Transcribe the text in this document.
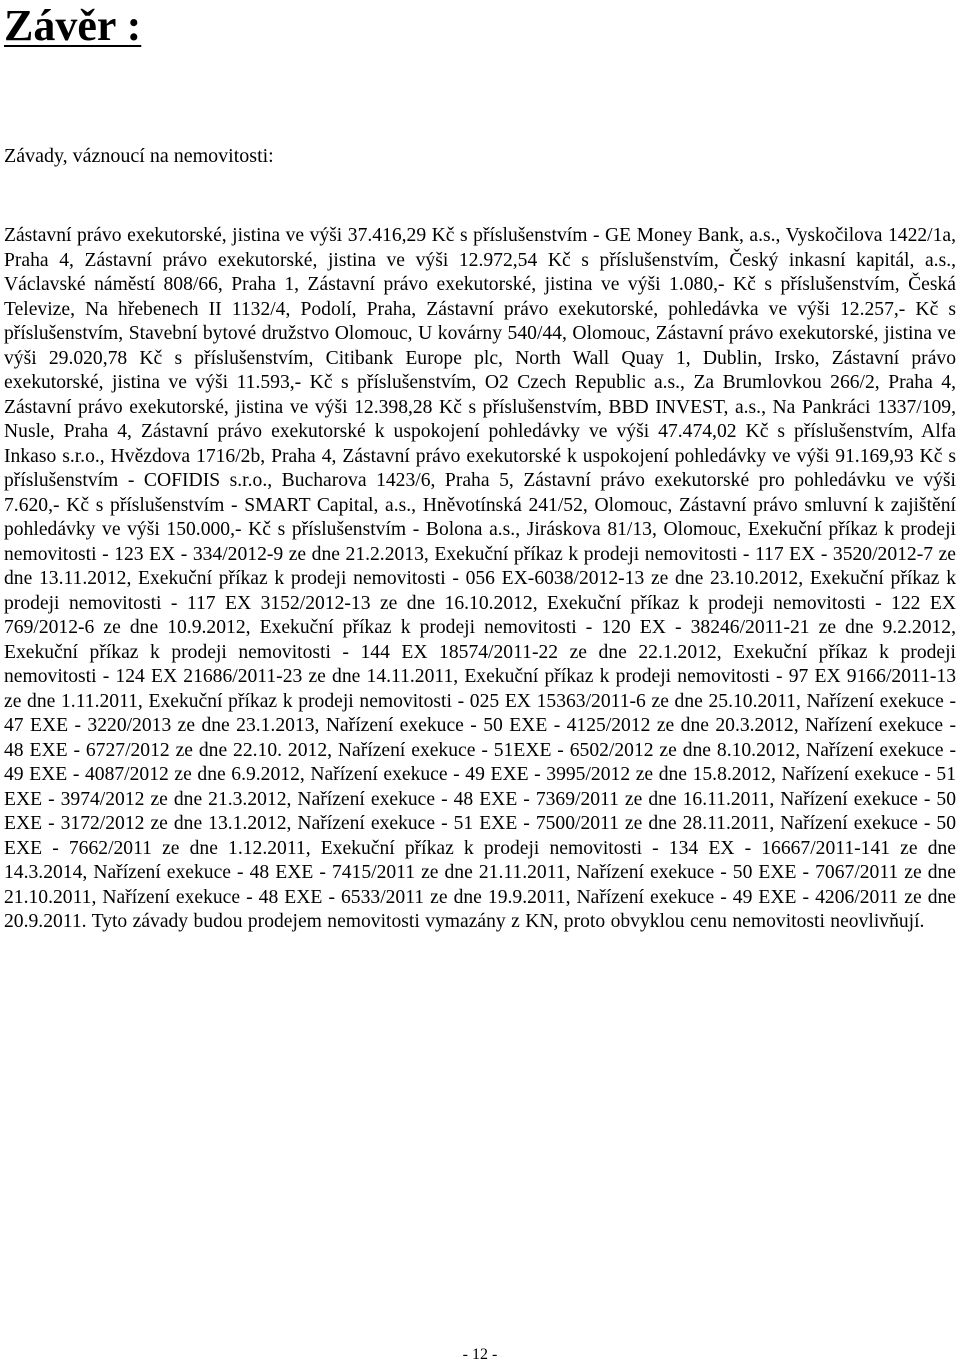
Závěr :

Závady, váznoucí na nemovitosti:

Zástavní právo exekutorské, jistina ve výši 37.416,29 Kč s příslušenstvím - GE Money Bank, a.s., Vyskočilova 1422/1a, Praha 4, Zástavní právo exekutorské, jistina ve výši 12.972,54 Kč s příslušenstvím, Český inkasní kapitál, a.s., Václavské náměstí 808/66, Praha 1, Zástavní právo exekutorské, jistina ve výši 1.080,- Kč s příslušenstvím, Česká Televize, Na hřebenech II 1132/4, Podolí, Praha, Zástavní právo exekutorské, pohledávka ve výši 12.257,- Kč s příslušenstvím, Stavební bytové družstvo Olomouc, U kovárny 540/44, Olomouc, Zástavní právo exekutorské, jistina ve výši 29.020,78 Kč s příslušenstvím, Citibank Europe plc, North Wall Quay 1, Dublin, Irsko, Zástavní právo exekutorské, jistina ve výši 11.593,- Kč s příslušenstvím, O2 Czech Republic a.s., Za Brumlovkou 266/2, Praha 4, Zástavní právo exekutorské, jistina ve výši 12.398,28 Kč s příslušenstvím, BBD INVEST, a.s., Na Pankráci 1337/109, Nusle, Praha 4, Zástavní právo exekutorské k uspokojení pohledávky ve výši 47.474,02 Kč s příslušenstvím, Alfa Inkaso s.r.o., Hvězdova 1716/2b, Praha 4, Zástavní právo exekutorské k uspokojení pohledávky ve výši 91.169,93 Kč s příslušenstvím - COFIDIS s.r.o., Bucharova 1423/6, Praha 5, Zástavní právo exekutorské pro pohledávku ve výši 7.620,- Kč s příslušenstvím - SMART Capital, a.s., Hněvotínská 241/52, Olomouc, Zástavní právo smluvní k zajištění pohledávky ve výši 150.000,- Kč s příslušenstvím - Bolona a.s., Jiráskova 81/13, Olomouc, Exekuční příkaz k prodeji nemovitosti - 123 EX - 334/2012-9 ze dne 21.2.2013, Exekuční příkaz k prodeji nemovitosti - 117 EX - 3520/2012-7 ze dne 13.11.2012, Exekuční příkaz k prodeji nemovitosti - 056 EX-6038/2012-13 ze dne 23.10.2012, Exekuční příkaz k prodeji nemovitosti - 117 EX 3152/2012-13 ze dne 16.10.2012, Exekuční příkaz k prodeji nemovitosti - 122 EX 769/2012-6 ze dne 10.9.2012, Exekuční příkaz k prodeji nemovitosti - 120 EX - 38246/2011-21 ze dne 9.2.2012, Exekuční příkaz k prodeji nemovitosti - 144 EX 18574/2011-22 ze dne 22.1.2012, Exekuční příkaz k prodeji nemovitosti - 124 EX 21686/2011-23 ze dne 14.11.2011, Exekuční příkaz k prodeji nemovitosti - 97 EX 9166/2011-13 ze dne 1.11.2011, Exekuční příkaz k prodeji nemovitosti - 025 EX 15363/2011-6 ze dne 25.10.2011, Nařízení exekuce - 47 EXE - 3220/2013 ze dne 23.1.2013, Nařízení exekuce - 50 EXE - 4125/2012 ze dne 20.3.2012, Nařízení exekuce - 48 EXE - 6727/2012 ze dne 22.10. 2012, Nařízení exekuce - 51EXE - 6502/2012 ze dne 8.10.2012, Nařízení exekuce - 49 EXE - 4087/2012 ze dne 6.9.2012, Nařízení exekuce - 49 EXE - 3995/2012 ze dne 15.8.2012, Nařízení exekuce - 51 EXE - 3974/2012 ze dne 21.3.2012, Nařízení exekuce - 48 EXE - 7369/2011 ze dne 16.11.2011, Nařízení exekuce - 50 EXE - 3172/2012 ze dne 13.1.2012, Nařízení exekuce - 51 EXE - 7500/2011 ze dne 28.11.2011, Nařízení exekuce - 50 EXE - 7662/2011 ze dne 1.12.2011, Exekuční příkaz k prodeji nemovitosti - 134 EX - 16667/2011-141 ze dne 14.3.2014, Nařízení exekuce - 48 EXE - 7415/2011 ze dne 21.11.2011, Nařízení exekuce - 50 EXE - 7067/2011 ze dne 21.10.2011, Nařízení exekuce - 48 EXE - 6533/2011 ze dne 19.9.2011, Nařízení exekuce - 49 EXE - 4206/2011 ze dne 20.9.2011. Tyto závady budou prodejem nemovitosti vymazány z KN, proto obvyklou cenu nemovitosti neovlivňují.

- 12 -
